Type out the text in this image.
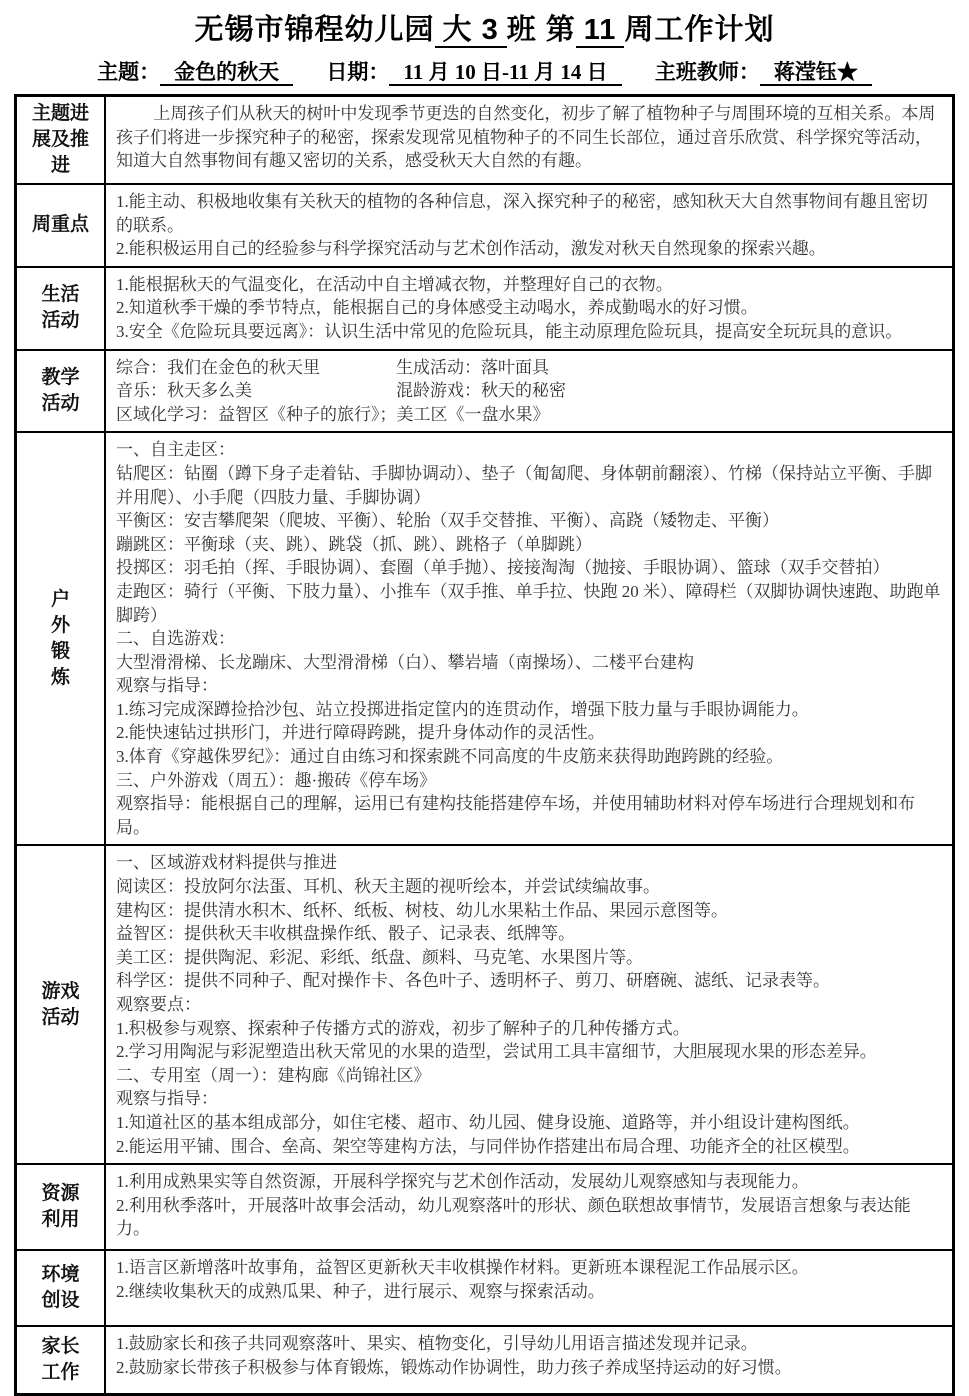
无锡市锦程幼儿园 大 3 班 第 11 周工作计划
主题： 金色的秋天 日期： 11 月 10 日-11 月 14 日 主班教师： 蒋滢钰★
主题进
展及推
进
上周孩子们从秋天的树叶中发现季节更迭的自然变化，初步了解了植物种子与周围环境的互相关系。本周孩子们将进一步探究种子的秘密，探索发现常见植物种子的不同生长部位，通过音乐欣赏、科学探究等活动，知道大自然事物间有趣又密切的关系，感受秋天大自然的有趣。
周重点
1.能主动、积极地收集有关秋天的植物的各种信息，深入探究种子的秘密，感知秋天大自然事物间有趣且密切的联系。
2.能积极运用自己的经验参与科学探究活动与艺术创作活动，激发对秋天自然现象的探索兴趣。
生活
活动
1.能根据秋天的气温变化，在活动中自主增减衣物，并整理好自己的衣物。
2.知道秋季干燥的季节特点，能根据自己的身体感受主动喝水，养成勤喝水的好习惯。
3.安全《危险玩具要远离》：认识生活中常见的危险玩具，能主动原理危险玩具，提高安全玩玩具的意识。
教学
活动
综合：我们在金色的秋天里	生成活动：落叶面具
音乐：秋天多么美	混龄游戏：秋天的秘密
区域化学习：益智区《种子的旅行》；美工区《一盘水果》
户
外
锻
炼
一、自主走区：
钻爬区：钻圈（蹲下身子走着钻、手脚协调动）、垫子（匍匐爬、身体朝前翻滚）、竹梯（保持站立平衡、手脚并用爬）、小手爬（四肢力量、手脚协调）
平衡区：安吉攀爬架（爬坡、平衡）、轮胎（双手交替推、平衡）、高跷（矮物走、平衡）
蹦跳区：平衡球（夹、跳）、跳袋（抓、跳）、跳格子（单脚跳）
投掷区：羽毛拍（挥、手眼协调）、套圈（单手抛）、接接淘淘（抛接、手眼协调）、篮球（双手交替拍）
走跑区：骑行（平衡、下肢力量）、小推车（双手推、单手拉、快跑 20 米）、障碍栏（双脚协调快速跑、助跑单脚跨）
二、自选游戏：
大型滑滑梯、长龙蹦床、大型滑滑梯（白）、攀岩墙（南操场）、二楼平台建构
观察与指导：
1.练习完成深蹲捡拾沙包、站立投掷进指定筐内的连贯动作，增强下肢力量与手眼协调能力。
2.能快速钻过拱形门，并进行障碍跨跳，提升身体动作的灵活性。
3.体育《穿越侏罗纪》：通过自由练习和探索跳不同高度的牛皮筋来获得助跑跨跳的经验。
三、户外游戏（周五）：趣·搬砖《停车场》
观察指导：能根据自己的理解，运用已有建构技能搭建停车场，并使用辅助材料对停车场进行合理规划和布局。
游戏
活动
一、区域游戏材料提供与推进
阅读区：投放阿尔法蛋、耳机、秋天主题的视听绘本，并尝试续编故事。
建构区：提供清水积木、纸杯、纸板、树枝、幼儿水果粘土作品、果园示意图等。
益智区：提供秋天丰收棋盘操作纸、骰子、记录表、纸牌等。
美工区：提供陶泥、彩泥、彩纸、纸盘、颜料、马克笔、水果图片等。
科学区：提供不同种子、配对操作卡、各色叶子、透明杯子、剪刀、研磨碗、滤纸、记录表等。
观察要点：
1.积极参与观察、探索种子传播方式的游戏，初步了解种子的几种传播方式。
2.学习用陶泥与彩泥塑造出秋天常见的水果的造型，尝试用工具丰富细节，大胆展现水果的形态差异。
二、专用室（周一）：建构廊《尚锦社区》
观察与指导：
1.知道社区的基本组成部分，如住宅楼、超市、幼儿园、健身设施、道路等，并小组设计建构图纸。
2.能运用平铺、围合、垒高、架空等建构方法，与同伴协作搭建出布局合理、功能齐全的社区模型。
资源
利用
1.利用成熟果实等自然资源，开展科学探究与艺术创作活动，发展幼儿观察感知与表现能力。
2.利用秋季落叶，开展落叶故事会活动，幼儿观察落叶的形状、颜色联想故事情节，发展语言想象与表达能力。
环境
创设
1.语言区新增落叶故事角，益智区更新秋天丰收棋操作材料。更新班本课程泥工作品展示区。
2.继续收集秋天的成熟瓜果、种子，进行展示、观察与探索活动。
家长
工作
1.鼓励家长和孩子共同观察落叶、果实、植物变化，引导幼儿用语言描述发现并记录。
2.鼓励家长带孩子积极参与体育锻炼，锻炼动作协调性，助力孩子养成坚持运动的好习惯。
